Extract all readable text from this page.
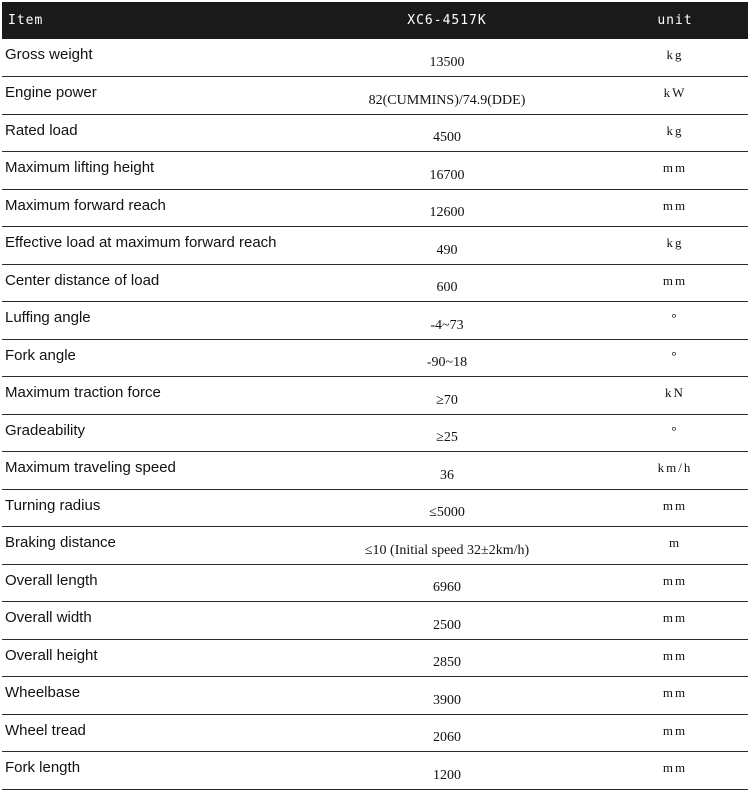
Item	XC6-4517K	unit
Gross weight	13500	kg
Engine power	82(CUMMINS)/74.9(DDE)	kW
Rated load	4500	kg
Maximum lifting height	16700	mm
Maximum forward reach	12600	mm
Effective load at maximum forward reach	490	kg
Center distance of load	600	mm
Luffing angle	-4~73	°
Fork angle	-90~18	°
Maximum traction force	≥70	kN
Gradeability	≥25	°
Maximum traveling speed	36	km/h
Turning radius	≤5000	mm
Braking distance	≤10 (Initial speed 32±2km/h)	m
Overall length	6960	mm
Overall width	2500	mm
Overall height	2850	mm
Wheelbase	3900	mm
Wheel tread	2060	mm
Fork length	1200	mm
